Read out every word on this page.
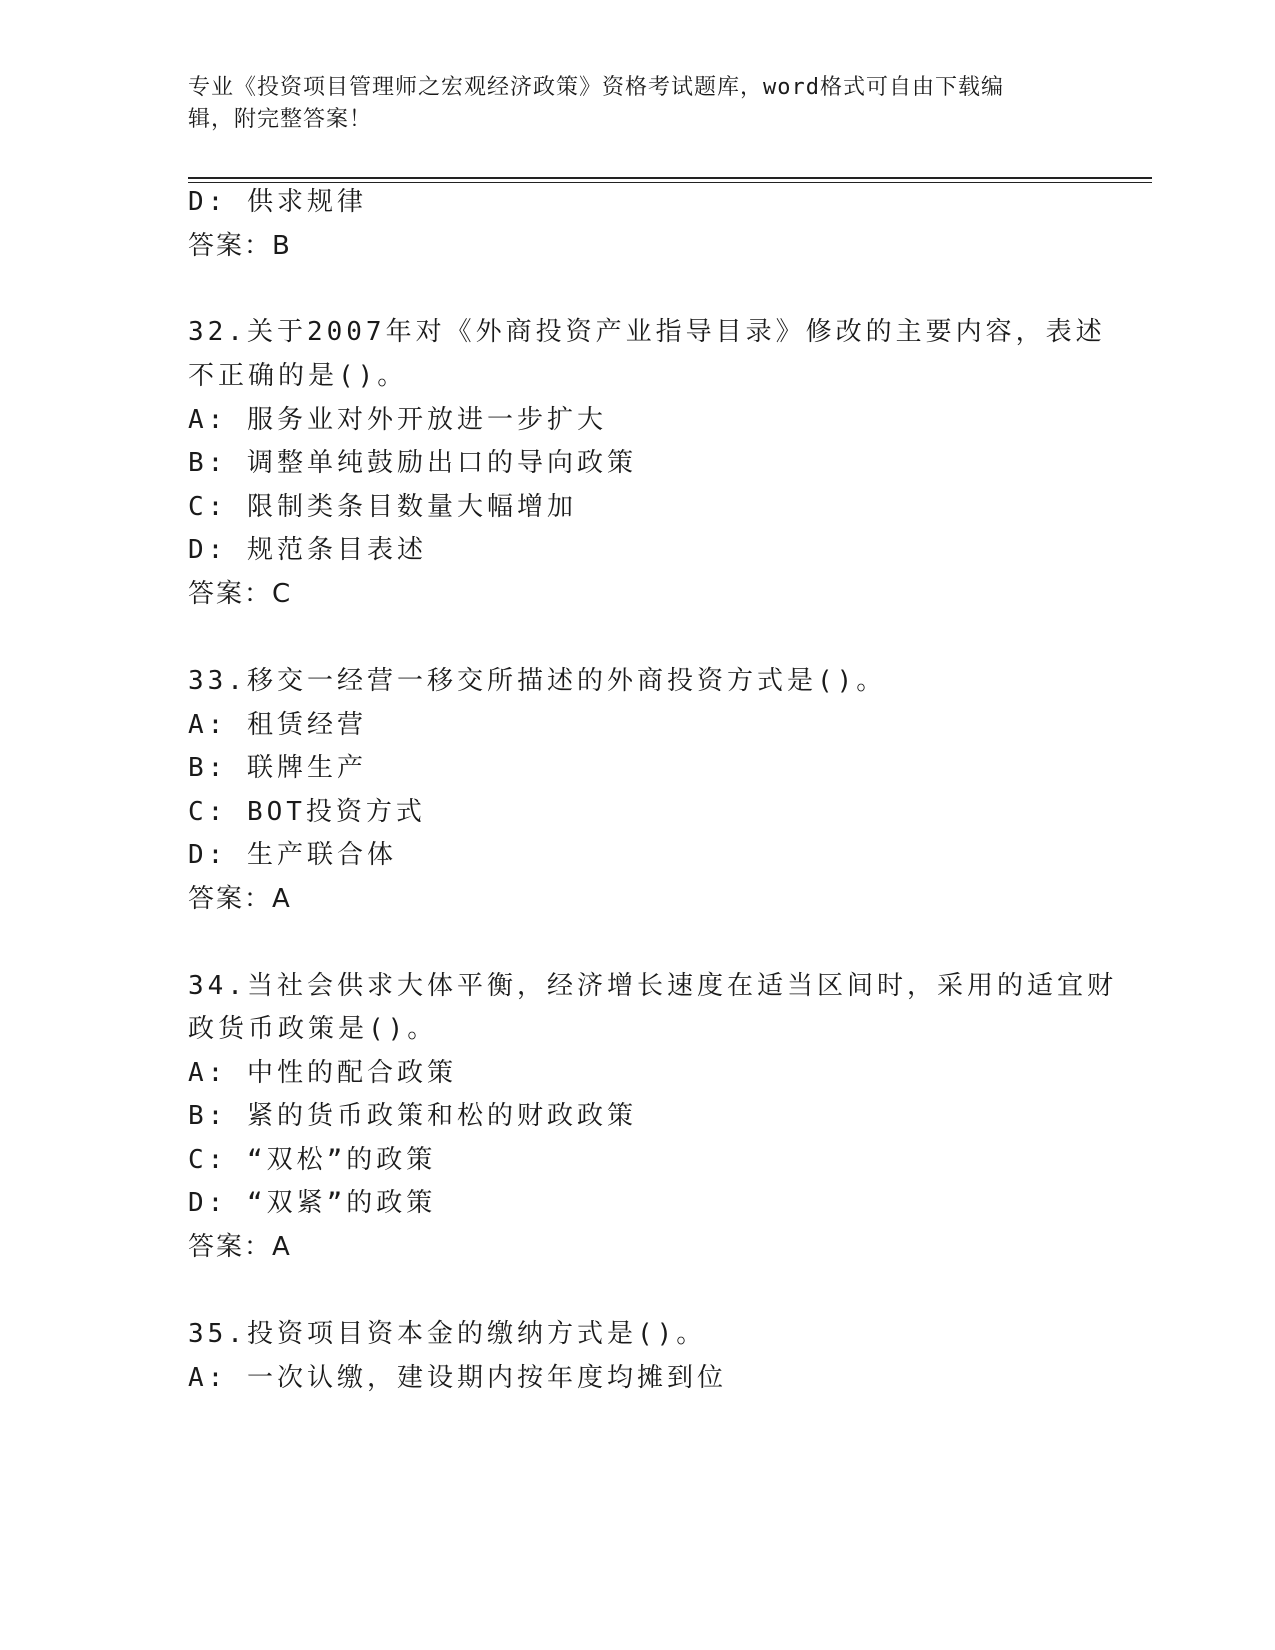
专业《投资项目管理师之宏观经济政策》资格考试题库，word格式可自由下载编
辑，附完整答案！
D: 供求规律
答案：B
32.关于2007年对《外商投资产业指导目录》修改的主要内容，表述
不正确的是()。
A: 服务业对外开放进一步扩大
B: 调整单纯鼓励出口的导向政策
C: 限制类条目数量大幅增加
D: 规范条目表述
答案：C
33.移交一经营一移交所描述的外商投资方式是()。
A: 租赁经营
B: 联牌生产
C: BOT投资方式
D: 生产联合体
答案：A
34.当社会供求大体平衡，经济增长速度在适当区间时，采用的适宜财
政货币政策是()。
A: 中性的配合政策
B: 紧的货币政策和松的财政政策
C: “双松”的政策
D: “双紧”的政策
答案：A
35.投资项目资本金的缴纳方式是()。
A: 一次认缴，建设期内按年度均摊到位
